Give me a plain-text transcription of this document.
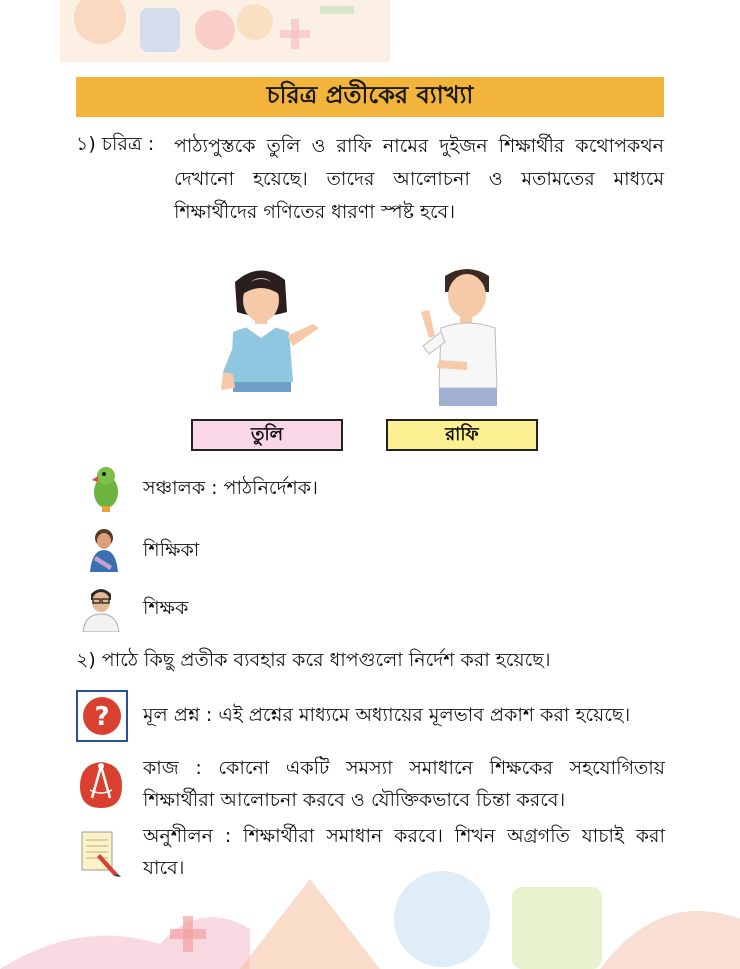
চরিত্র প্রতীকের ব্যাখ্যা
১) চরিত্র : পাঠ্যপুস্তকে তুলি ও রাফি নামের দুইজন শিক্ষার্থীর কথোপকথন দেখানো হয়েছে। তাদের আলোচনা ও মতামতের মাধ্যমে শিক্ষার্থীদের গণিতের ধারণা স্পষ্ট হবে।
তুলি	রাফি
সঞ্চালক : পাঠনির্দেশক।
শিক্ষিকা
শিক্ষক
২) পাঠে কিছু প্রতীক ব্যবহার করে ধাপগুলো নির্দেশ করা হয়েছে।
? মূল প্রশ্ন : এই প্রশ্নের মাধ্যমে অধ্যায়ের মূলভাব প্রকাশ করা হয়েছে।
কাজ : কোনো একটি সমস্যা সমাধানে শিক্ষকের সহযোগিতায় শিক্ষার্থীরা আলোচনা করবে ও যৌক্তিকভাবে চিন্তা করবে।
অনুশীলন : শিক্ষার্থীরা সমাধান করবে। শিখন অগ্রগতি যাচাই করা যাবে।
